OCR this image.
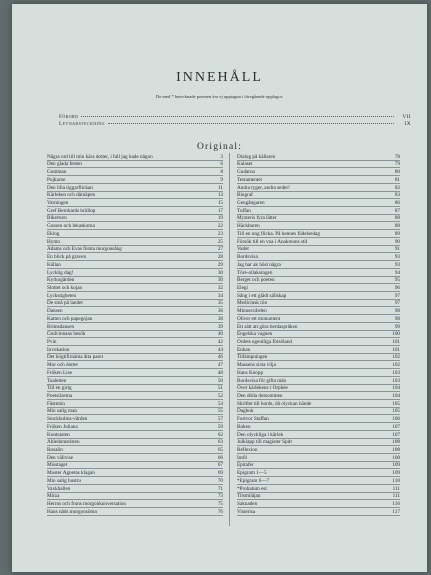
INNEHÅLL
De med * betecknade poemen äro ej upptagna i föregående upplagor.
Förord	VII
Levnadsteckning	IX
Original:
Några ord till min kära dotter, i fall jag hade någon	3
Den glada festen	6
Gumman	8
Pojkarne	9
Den lilla tiggarflickan	11
Kärleken och därnäpen	13
Varningen	15
Gref Bernhards bröllop	17
Bikertorn	19
Gossen och lekaskorna	22
Eklog	23
Hymn	25
Adams och Evas första morgonsång	27
En blick på graven	28
Källan	29
Lycklig dag!	30
Kyrkogården	30
Slottet och kojan	32
Lyckstigheten	34
De små på landet	35
Dansen	36
Katten och papegojan	38
Brimsdansen	39
Gudvinnans besök	40
Pvin	42
Invokation	44
Det högtifirnäma åtta paret	46
Mor och dotter	47
Fröken Lise	48
Toaletten	50
Till en girig	51
Poetsiizema	52
Fästmön	54
Min salig man	55
Stockholms-vården	57
Fröken Juliana	59
Kontrasten	62
Ähledomstisten	63
Rosalin	65
Den vällvise	66
Misstaget	67
Moster Agnetas klagan	69
Min salig hustru	70
Vaxkhallen	71
Mirza	73
Herrns och fruns morgonkonversation	75
Hans nåds morgonsömn	76
Dialog på källaren	78
Kalaset	79
Gudarna	80
Testamentet	81
Andra tyger, andra seder!	82
Biograf	83
Gengångaren	86
Tuffan	87
Mysteris fyra lätter	88
Häckburen	88
Till en ung flicka. På hennes födelsedag	89
Försök till en vna i Anakreons stil	90
Vadet	91
Bordsvisa	93
Jag har ak höst några	93
Töre-ollaksingen	94
Berget och poeten	95
Elegi	96
Sång i ett glädt sällskap	97
Medicinsk rön	97
Minnesvården	98
Oliver ett monument	98
Ett sätt att göra herdaspråken	99
Engelska vagnen	100
Ordets egentliga försöland	101
Enkan	101
Tillämpningen	102
Massens sista vilja	102
Hans Knopp	103
Bordsvisa för gifta män	103
Över kärlekens i Orphée	104
Den döda dotsommen	104
Skriftet till bords, då olyckan hände	105
Dagbok	105
Fortvor Staffan	106
Boken	107
Den olyckliga i kärlek	107
Julklapp till magister Spitt	108
Reflexion	108
Intill	108
Epitafer	109
Epigram 1—5	109
*Epigram 6—7	110
*Probatum est	111
Tilsmiläjan	111
Saknaden	116
Visterisa	117
